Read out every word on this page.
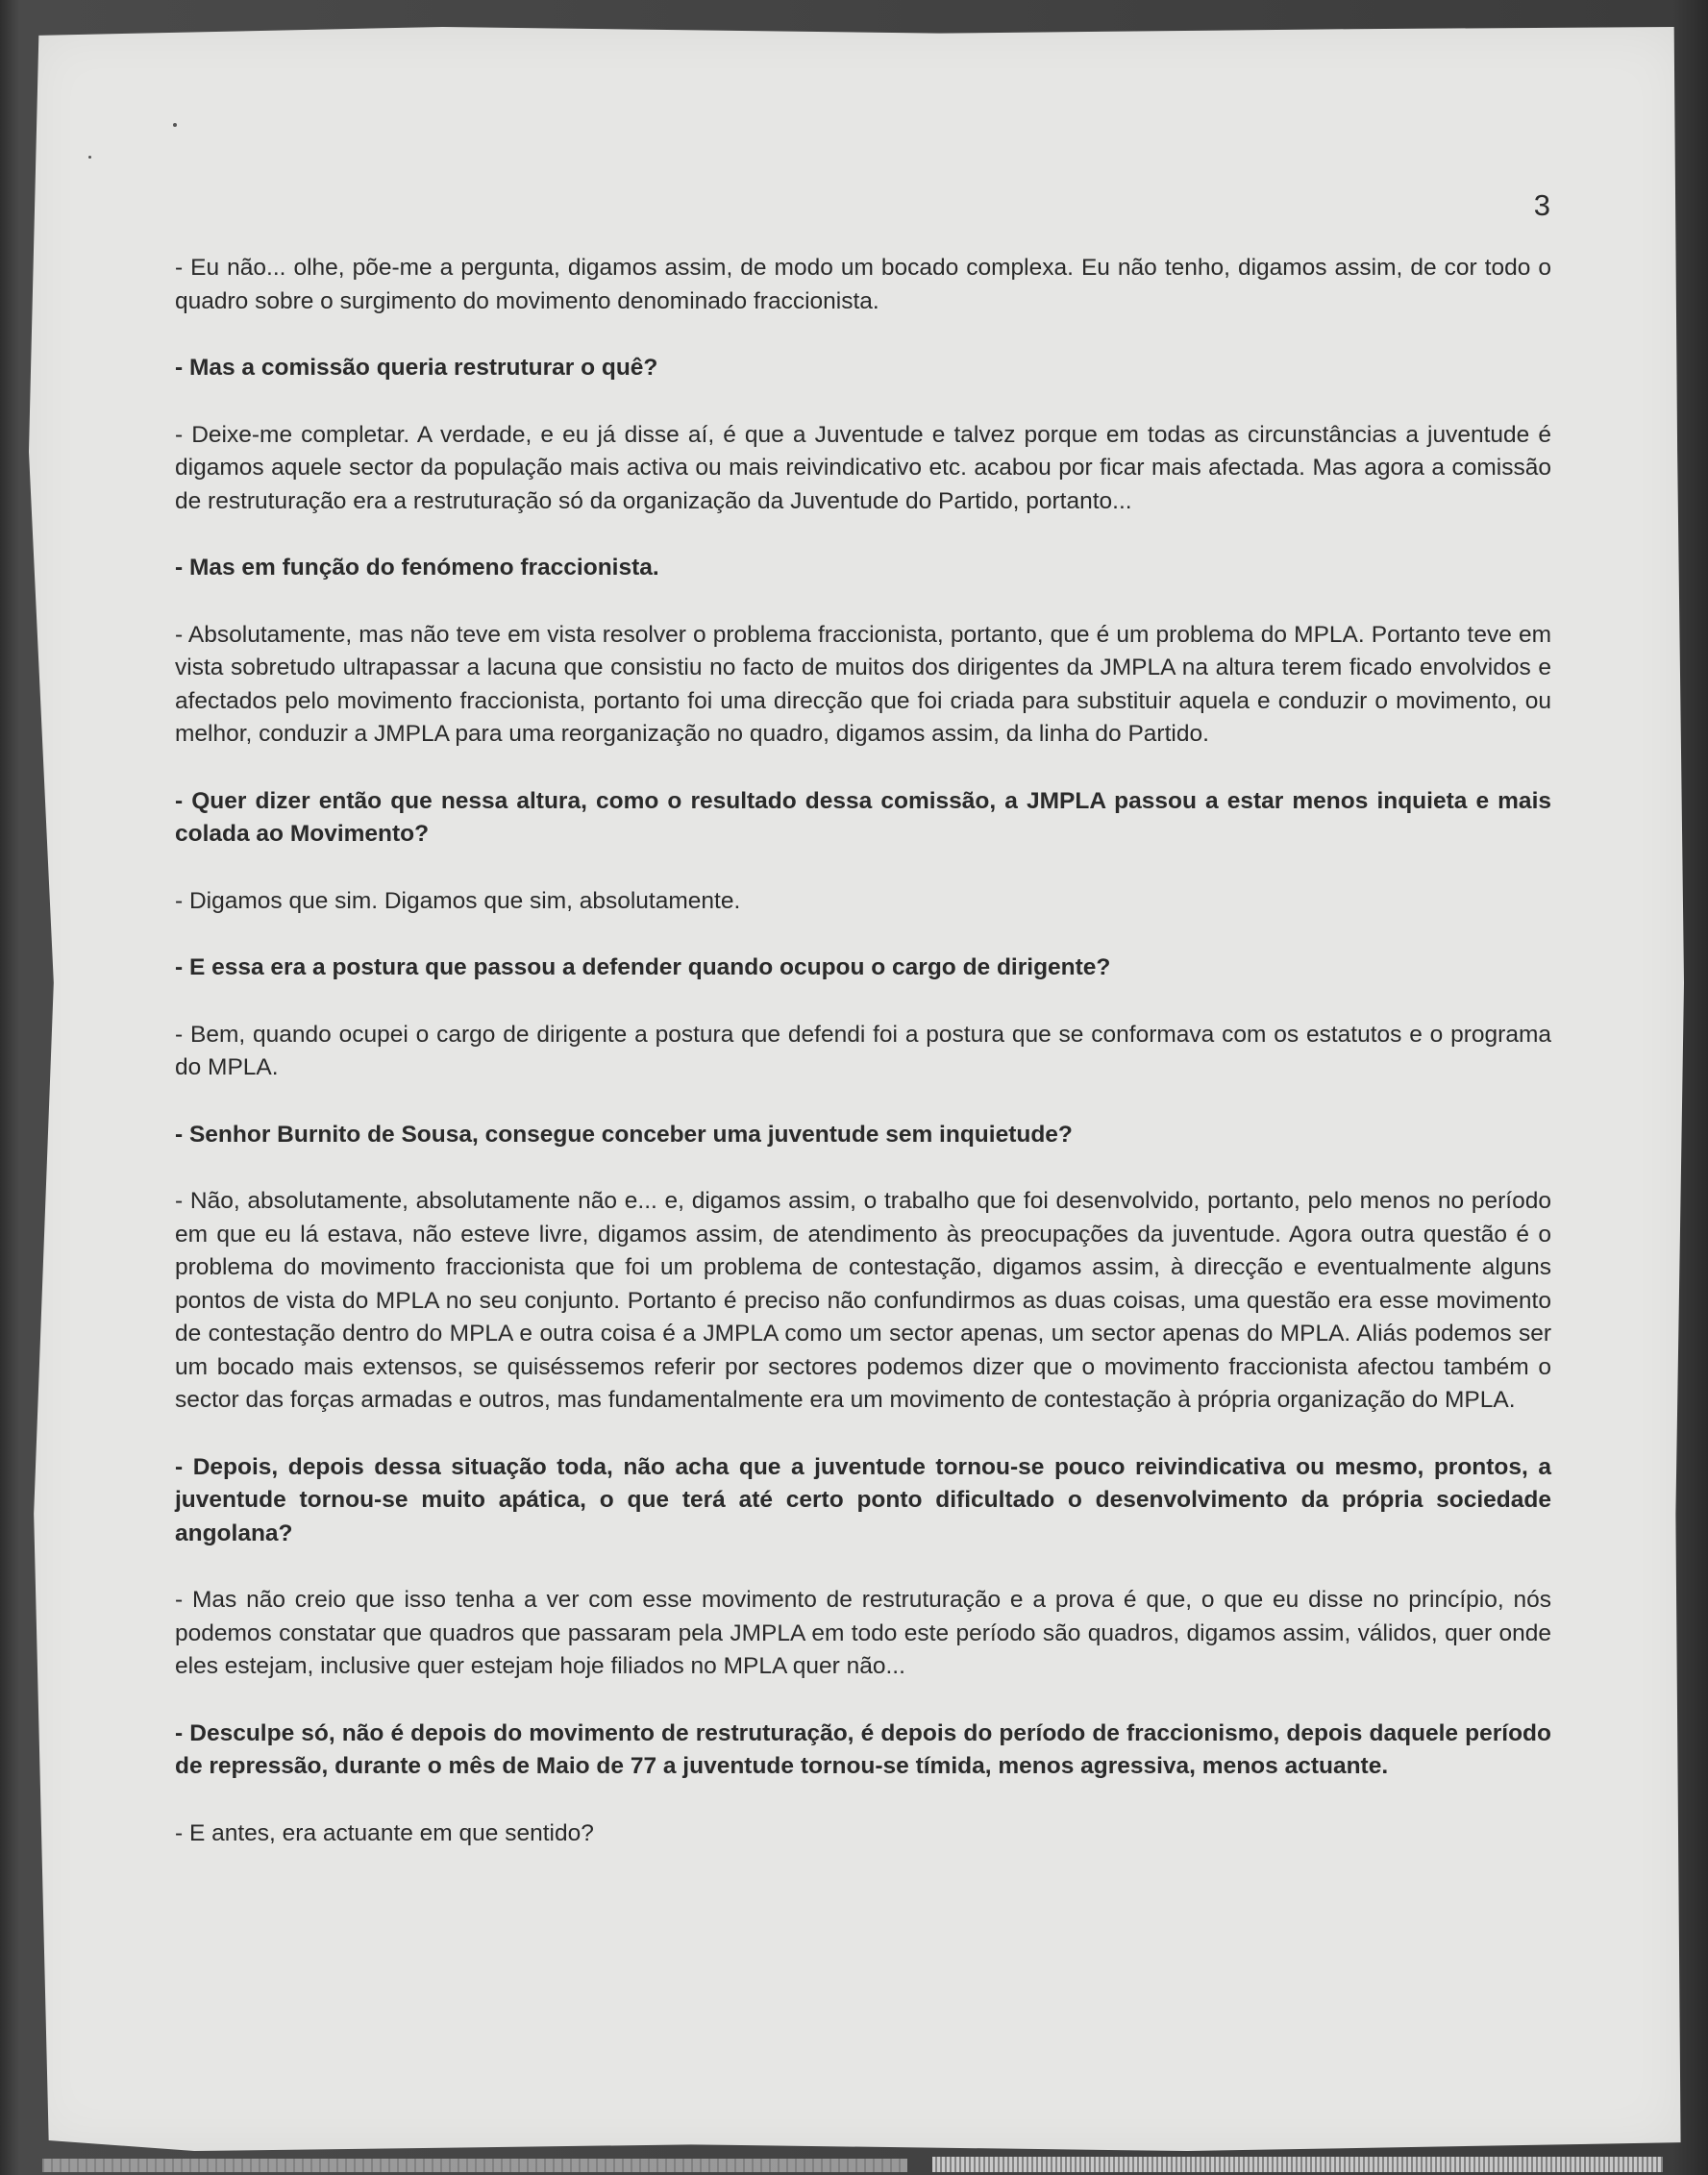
3

- Eu não... olhe, põe-me a pergunta, digamos assim, de modo um bocado complexa. Eu não tenho, digamos assim, de cor todo o quadro sobre o surgimento do movimento denominado fraccionista.

- Mas a comissão queria restruturar o quê?

- Deixe-me completar. A verdade, e eu já disse aí, é que a Juventude e talvez porque em todas as circunstâncias a juventude é digamos aquele sector da população mais activa ou mais reivindicativo etc. acabou por ficar mais afectada. Mas agora a comissão de restruturação era a restruturação só da organização da Juventude do Partido, portanto...

- Mas em função do fenómeno fraccionista.

- Absolutamente, mas não teve em vista resolver o problema fraccionista, portanto, que é um problema do MPLA. Portanto teve em vista sobretudo ultrapassar a lacuna que consistiu no facto de muitos dos dirigentes da JMPLA na altura terem ficado envolvidos e afectados pelo movimento fraccionista, portanto foi uma direcção que foi criada para substituir aquela e conduzir o movimento, ou melhor, conduzir a JMPLA para uma reorganização no quadro, digamos assim, da linha do Partido.

- Quer dizer então que nessa altura, como o resultado dessa comissão, a JMPLA passou a estar menos inquieta e mais colada ao Movimento?

- Digamos que sim. Digamos que sim, absolutamente.

- E essa era a postura que passou a defender quando ocupou o cargo de dirigente?

- Bem, quando ocupei o cargo de dirigente a postura que defendi foi a postura que se conformava com os estatutos e o programa do MPLA.

- Senhor Burnito de Sousa, consegue conceber uma juventude sem inquietude?

- Não, absolutamente, absolutamente não e... e, digamos assim, o trabalho que foi desenvolvido, portanto, pelo menos no período em que eu lá estava, não esteve livre, digamos assim, de atendimento às preocupações da juventude. Agora outra questão é o problema do movimento fraccionista que foi um problema de contestação, digamos assim, à direcção e eventualmente alguns pontos de vista do MPLA no seu conjunto. Portanto é preciso não confundirmos as duas coisas, uma questão era esse movimento de contestação dentro do MPLA e outra coisa é a JMPLA como um sector apenas, um sector apenas do MPLA. Aliás podemos ser um bocado mais extensos, se quiséssemos referir por sectores podemos dizer que o movimento fraccionista afectou também o sector das forças armadas e outros, mas fundamentalmente era um movimento de contestação à própria organização do MPLA.

- Depois, depois dessa situação toda, não acha que a juventude tornou-se pouco reivindicativa ou mesmo, prontos, a juventude tornou-se muito apática, o que terá até certo ponto dificultado o desenvolvimento da própria sociedade angolana?

- Mas não creio que isso tenha a ver com esse movimento de restruturação e a prova é que, o que eu disse no princípio, nós podemos constatar que quadros que passaram pela JMPLA em todo este período são quadros, digamos assim, válidos, quer onde eles estejam, inclusive quer estejam hoje filiados no MPLA quer não...

- Desculpe só, não é depois do movimento de restruturação, é depois do período de fraccionismo, depois daquele período de repressão, durante o mês de Maio de 77 a juventude tornou-se tímida, menos agressiva, menos actuante.

- E antes, era actuante em que sentido?
